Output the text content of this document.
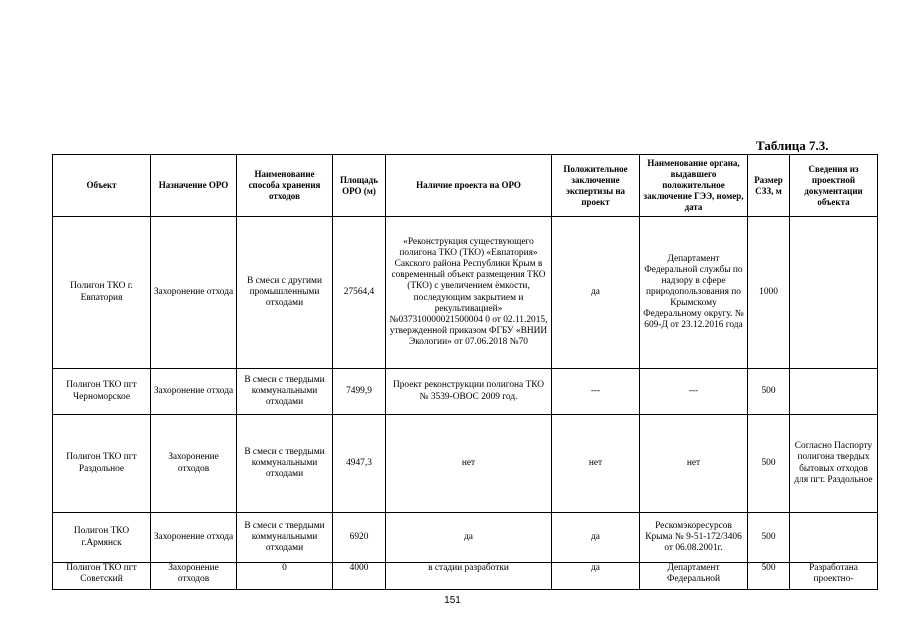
Таблица 7.3.
Объект	Назначение ОРО	Наименование способа хранения отходов	Площадь ОРО (м)	Наличие проекта на ОРО	Положительное заключение экспертизы на проект	Наименование органа, выдавшего положительное заключение ГЭЭ, номер, дата	Размер СЗЗ, м	Сведения из проектной документации объекта
Полигон ТКО г. Евпатория	Захоронение отхода	В смеси с другими промышленными отходами	27564,4	«Реконструкция существующего полигона ТКО (ТКО) «Евпатория» Сакского района Республики Крым в современный объект размещения ТКО (ТКО) с увеличением ёмкости, последующим закрытием и рекультивацией» №037310000021500004 0 от 02.11.2015, утвержденной приказом ФГБУ «ВНИИ Экологии» от 07.06.2018 №70	да	Департамент Федеральной службы по надзору в сфере природопользования по Крымскому Федеральному округу. № 609-Д от 23.12.2016 года	1000	
Полигон ТКО пгт Черноморское	Захоронение отхода	В смеси с твердыми коммунальными отходами	7499,9	Проект реконструкции полигона ТКО № 3539-ОВОС 2009 год.	---	---	500	
Полигон ТКО пгт Раздольное	Захоронение отходов	В смеси с твердыми коммунальными отходами	4947,3	нет	нет	нет	500	Согласно Паспорту полигона твердых бытовых отходов для пгт. Раздольное
Полигон ТКО г.Армянск	Захоронение отхода	В смеси с твердыми коммунальными отходами	6920	да	да	Рескомэкоресурсов Крыма № 9-51-172/3406 от 06.08.2001г.	500	
Полигон ТКО пгт Советский	Захоронение отходов	0	4000	в стадии разработки	да	Департамент Федеральной	500	Разработана проектно-
151
